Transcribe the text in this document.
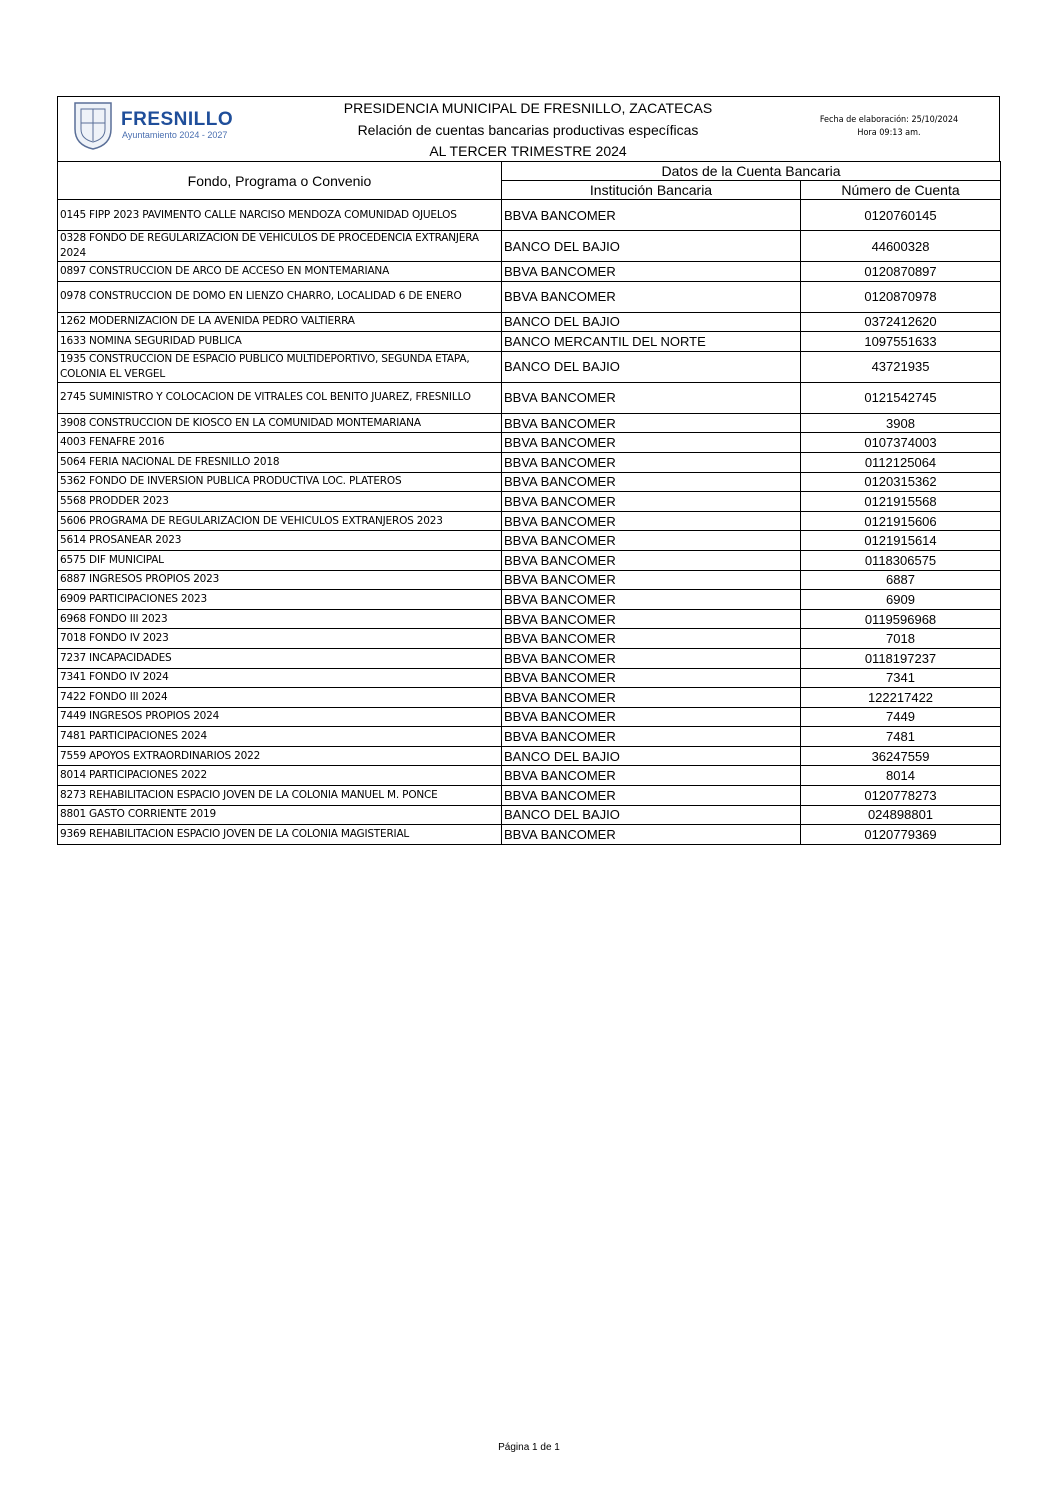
FRESNILLO
Ayuntamiento 2024 - 2027
PRESIDENCIA MUNICIPAL DE FRESNILLO, ZACATECAS
Relación de cuentas bancarias productivas específicas
AL TERCER TRIMESTRE 2024
Fecha de elaboración: 25/10/2024
Hora 09:13 am.
Fondo, Programa o Convenio	Datos de la Cuenta Bancaria	
	Institución Bancaria	Número de Cuenta
0145 FIPP 2023 PAVIMENTO CALLE NARCISO MENDOZA COMUNIDAD OJUELOS	BBVA BANCOMER	0120760145
0328 FONDO DE REGULARIZACION DE VEHICULOS DE PROCEDENCIA EXTRANJERA 2024	BANCO DEL BAJIO	44600328
0897 CONSTRUCCION DE ARCO DE ACCESO EN MONTEMARIANA	BBVA BANCOMER	0120870897
0978 CONSTRUCCION DE DOMO EN LIENZO CHARRO, LOCALIDAD 6 DE ENERO	BBVA BANCOMER	0120870978
1262 MODERNIZACION DE LA AVENIDA PEDRO VALTIERRA	BANCO DEL BAJIO	0372412620
1633 NOMINA SEGURIDAD PUBLICA	BANCO MERCANTIL DEL NORTE	1097551633
1935 CONSTRUCCION DE ESPACIO PUBLICO MULTIDEPORTIVO, SEGUNDA ETAPA, COLONIA EL VERGEL	BANCO DEL BAJIO	43721935
2745 SUMINISTRO Y COLOCACION DE VITRALES COL BENITO JUAREZ, FRESNILLO	BBVA BANCOMER	0121542745
3908 CONSTRUCCION DE KIOSCO EN LA COMUNIDAD MONTEMARIANA	BBVA BANCOMER	3908
4003 FENAFRE 2016	BBVA BANCOMER	0107374003
5064 FERIA NACIONAL DE FRESNILLO 2018	BBVA BANCOMER	0112125064
5362 FONDO DE INVERSION PUBLICA PRODUCTIVA LOC. PLATEROS	BBVA BANCOMER	0120315362
5568 PRODDER 2023	BBVA BANCOMER	0121915568
5606 PROGRAMA DE REGULARIZACION DE VEHICULOS EXTRANJEROS 2023	BBVA BANCOMER	0121915606
5614 PROSANEAR 2023	BBVA BANCOMER	0121915614
6575 DIF MUNICIPAL	BBVA BANCOMER	0118306575
6887 INGRESOS PROPIOS 2023	BBVA BANCOMER	6887
6909 PARTICIPACIONES 2023	BBVA BANCOMER	6909
6968 FONDO III 2023	BBVA BANCOMER	0119596968
7018 FONDO IV 2023	BBVA BANCOMER	7018
7237 INCAPACIDADES	BBVA BANCOMER	0118197237
7341 FONDO IV 2024	BBVA BANCOMER	7341
7422 FONDO III 2024	BBVA BANCOMER	122217422
7449 INGRESOS PROPIOS 2024	BBVA BANCOMER	7449
7481 PARTICIPACIONES 2024	BBVA BANCOMER	7481
7559 APOYOS EXTRAORDINARIOS 2022	BANCO DEL BAJIO	36247559
8014 PARTICIPACIONES 2022	BBVA BANCOMER	8014
8273 REHABILITACION ESPACIO JOVEN DE LA COLONIA MANUEL M. PONCE	BBVA BANCOMER	0120778273
8801 GASTO CORRIENTE 2019	BANCO DEL BAJIO	024898801
9369 REHABILITACION ESPACIO JOVEN DE LA COLONIA MAGISTERIAL	BBVA BANCOMER	0120779369
Página 1 de 1
